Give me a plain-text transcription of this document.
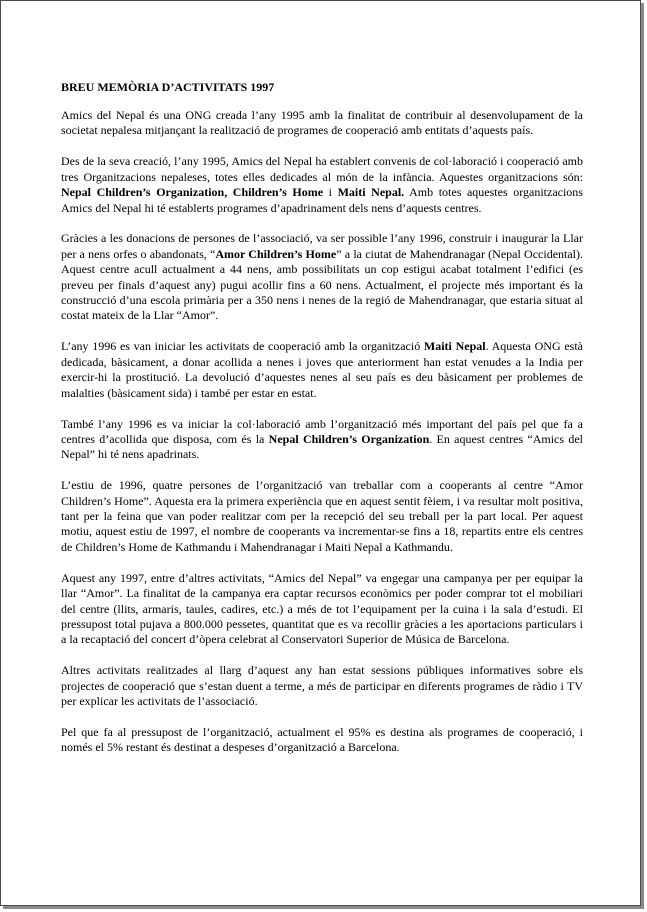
BREU MEMÒRIA D’ACTIVITATS 1997

Amics del Nepal és una ONG creada l’any 1995 amb la finalitat de contribuir al desenvolupament de la societat nepalesa mitjançant la realització de programes de cooperació amb entitats d’aquests país.

Des de la seva creació, l’any 1995, Amics del Nepal ha establert convenis de col·laboració i cooperació amb tres Organitzacions nepaleses, totes elles dedicades al món de la infància. Aquestes organitzacions són: Nepal Children’s Organization, Children’s Home i Maiti Nepal. Amb totes aquestes organitzacions Amics del Nepal hi té establerts programes d’apadrinament dels nens d’aquests centres.

Gràcies a les donacions de persones de l’associació, va ser possible l’any 1996, construir i inaugurar la Llar per a nens orfes o abandonats, “Amor Children’s Home” a la ciutat de Mahendranagar (Nepal Occidental). Aquest centre acull actualment a 44 nens, amb possibilitats un cop estigui acabat totalment l’edifici (es preveu per finals d’aquest any) pugui acollir fins a 60 nens. Actualment, el projecte més important és la construcció d’una escola primària per a 350 nens i nenes de la regió de Mahendranagar, que estaria situat al costat mateix de la Llar “Amor”.

L’any 1996 es van iniciar les activitats de cooperació amb la organització Maiti Nepal. Aquesta ONG està dedicada, bàsicament, a donar acollida a nenes i joves que anteriorment han estat venudes a la India per exercir-hi la prostitució. La devolució d’aquestes nenes al seu país es deu bàsicament per problemes de malalties (bàsicament sida) i també per estar en estat.

També l’any 1996 es va iniciar la col·laboració amb l’organització més important del país pel que fa a centres d’acollida que disposa, com és la Nepal Children’s Organization. En aquest centres “Amics del Nepal” hi té nens apadrinats.

L’estiu de 1996, quatre persones de l’organització van treballar com a cooperants al centre “Amor Children’s Home”. Aquesta era la primera experiència que en aquest sentit fèiem, i va resultar molt positiva, tant per la feina que van poder realitzar com per la recepció del seu treball per la part local. Per aquest motiu, aquest estiu de 1997, el nombre de cooperants va incrementar-se fins a 18, repartits entre els centres de Children’s Home de Kathmandu i Mahendranagar i Maiti Nepal a Kathmandu.

Aquest any 1997, entre d’altres activitats, “Amics del Nepal” va engegar una campanya per per equipar la llar “Amor”. La finalitat de la campanya era captar recursos econòmics per poder comprar tot el mobiliari del centre (llits, armaris, taules, cadires, etc.) a més de tot l’equipament per la cuina i la sala d’estudi. El pressupost total pujava a 800.000 pessetes, quantitat que es va recollir gràcies a les aportacions particulars i a la recaptació del concert d’òpera celebrat al Conservatori Superior de Música de Barcelona.

Altres activitats realitzades al llarg d’aquest any han estat sessions públiques informatives sobre els projectes de cooperació que s’estan duent a terme, a més de participar en diferents programes de ràdio i TV per explicar les activitats de l’associació.

Pel que fa al pressupost de l’organització, actualment el 95% es destina als programes de cooperació, i només el 5% restant és destinat a despeses d’organització a Barcelona.
